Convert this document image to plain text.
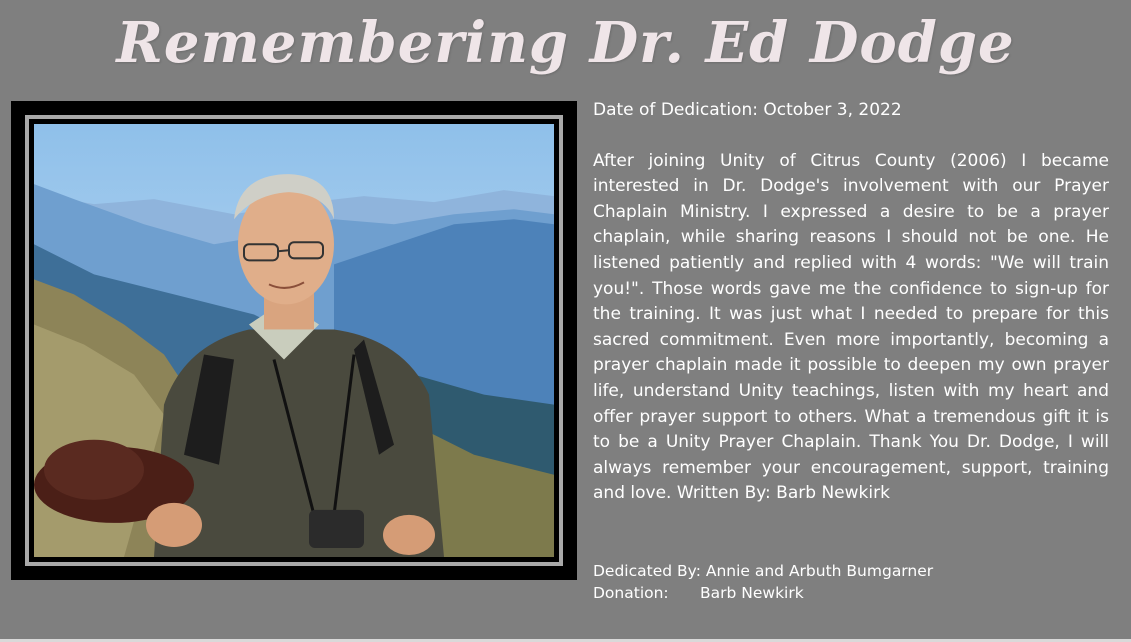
Remembering Dr. Ed Dodge

Date of Dedication: October 3, 2022

After joining Unity of Citrus County (2006) I became interested in Dr. Dodge's involvement with our Prayer Chaplain Ministry. I expressed a desire to be a prayer chaplain, while sharing reasons I should not be one. He listened patiently and replied with 4 words: "We will train you!". Those words gave me the confidence to sign-up for the training. It was just what I needed to prepare for this sacred commitment. Even more importantly, becoming a prayer chaplain made it possible to deepen my own prayer life, understand Unity teachings, listen with my heart and offer prayer support to others. What a tremendous gift it is to be a Unity Prayer Chaplain. Thank You Dr. Dodge, I will always remember your encouragement, support, training and love. Written By: Barb Newkirk

Dedicated By: Annie and Arbuth Bumgarner
Donation: Barb Newkirk
